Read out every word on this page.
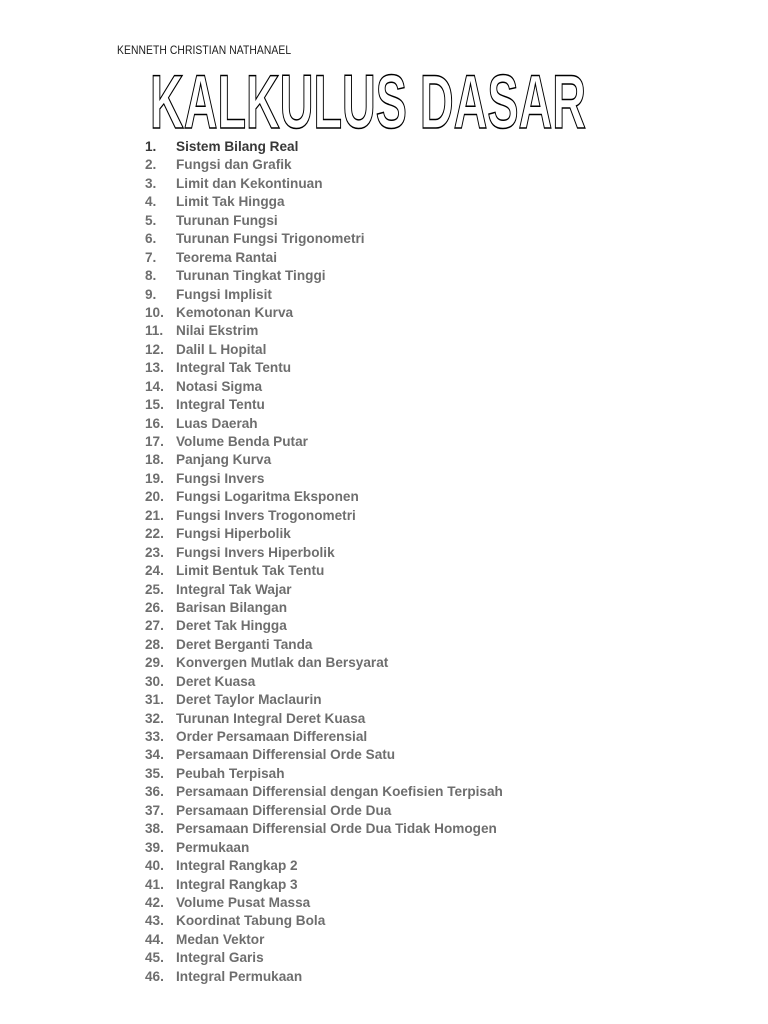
KENNETH CHRISTIAN NATHANAEL
KALKULUS DASAR
1.	Sistem Bilang Real
2.	Fungsi dan Grafik
3.	Limit dan Kekontinuan
4.	Limit Tak Hingga
5.	Turunan Fungsi
6.	Turunan Fungsi Trigonometri
7.	Teorema Rantai
8.	Turunan Tingkat Tinggi
9.	Fungsi Implisit
10. Kemotonan Kurva
11. Nilai Ekstrim
12. Dalil L Hopital
13. Integral Tak Tentu
14. Notasi Sigma
15. Integral Tentu
16. Luas Daerah
17. Volume Benda Putar
18. Panjang Kurva
19. Fungsi Invers
20. Fungsi Logaritma Eksponen
21. Fungsi Invers Trogonometri
22. Fungsi Hiperbolik
23. Fungsi Invers Hiperbolik
24. Limit Bentuk Tak Tentu
25. Integral Tak Wajar
26. Barisan Bilangan
27. Deret Tak Hingga
28. Deret Berganti Tanda
29. Konvergen Mutlak dan Bersyarat
30. Deret Kuasa
31. Deret Taylor Maclaurin
32. Turunan Integral Deret Kuasa
33. Order Persamaan Differensial
34. Persamaan Differensial Orde Satu
35. Peubah Terpisah
36. Persamaan Differensial dengan Koefisien Terpisah
37. Persamaan Differensial Orde Dua
38. Persamaan Differensial Orde Dua Tidak Homogen
39. Permukaan
40. Integral Rangkap 2
41. Integral Rangkap 3
42. Volume Pusat Massa
43. Koordinat Tabung Bola
44. Medan Vektor
45. Integral Garis
46. Integral Permukaan
